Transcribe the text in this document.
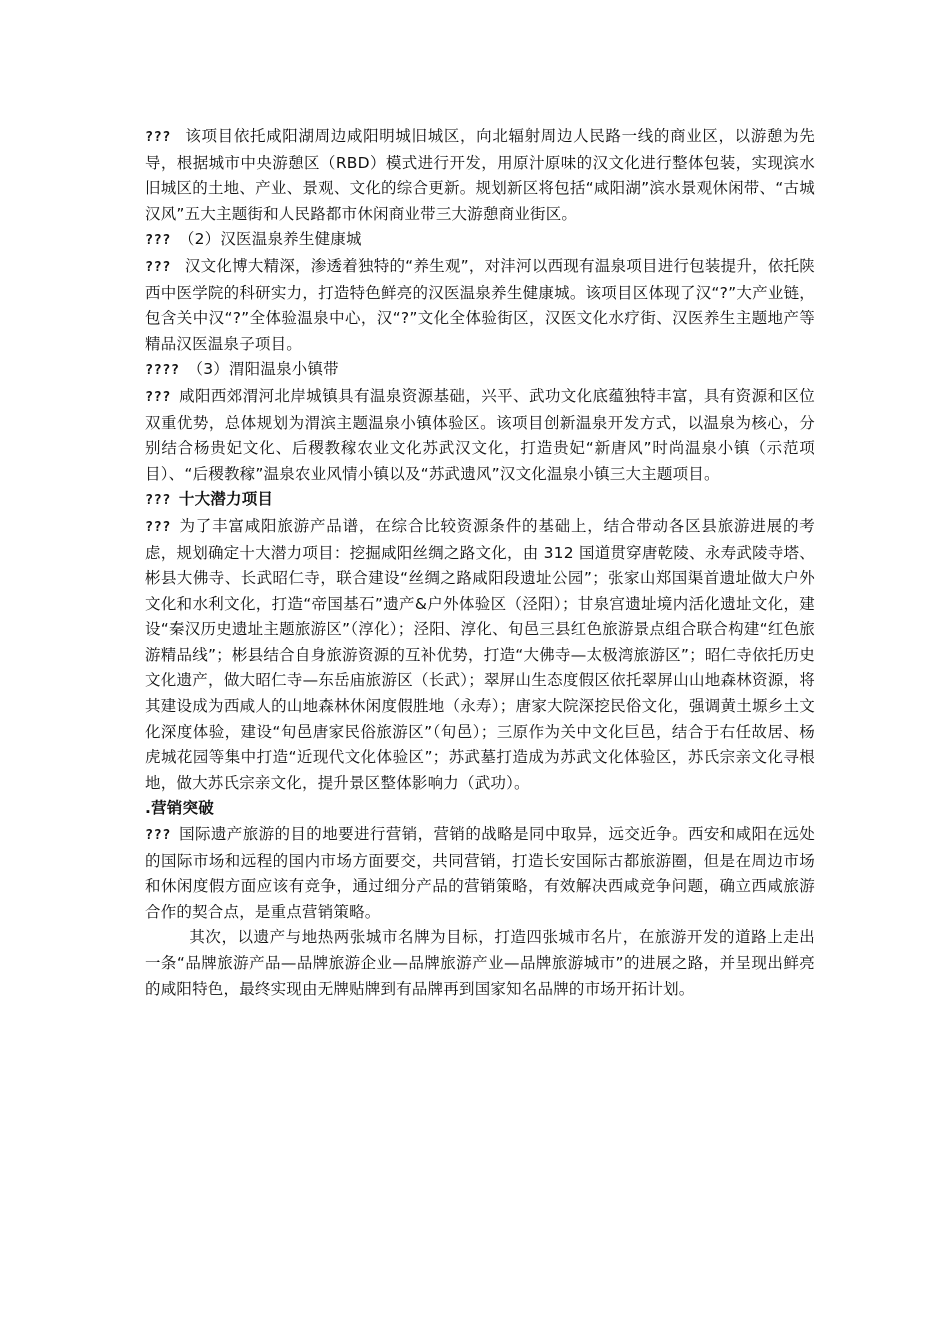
??? 该项目依托咸阳湖周边咸阳明城旧城区，向北辐射周边人民路一线的商业区，以游憩为先导，根据城市中央游憩区（RBD）模式进行开发，用原汁原味的汉文化进行整体包装，实现滨水旧城区的土地、产业、景观、文化的综合更新。规划新区将包括“咸阳湖”滨水景观休闲带、“古城汉风”五大主题街和人民路都市休闲商业带三大游憩商业街区。

??? （2）汉医温泉养生健康城

??? 汉文化博大精深，渗透着独特的“养生观”，对沣河以西现有温泉项目进行包装提升，依托陕西中医学院的科研实力，打造特色鲜亮的汉医温泉养生健康城。该项目区体现了汉“?”大产业链，包含关中汉“?”全体验温泉中心，汉“?”文化全体验街区，汉医文化水疗街、汉医养生主题地产等精品汉医温泉子项目。

???? （3）渭阳温泉小镇带

??? 咸阳西郊渭河北岸城镇具有温泉资源基础，兴平、武功文化底蕴独特丰富，具有资源和区位双重优势，总体规划为渭滨主题温泉小镇体验区。该项目创新温泉开发方式，以温泉为核心，分别结合杨贵妃文化、后稷教稼农业文化苏武汉文化，打造贵妃“新唐风”时尚温泉小镇（示范项目）、“后稷教稼”温泉农业风情小镇以及“苏武遗风”汉文化温泉小镇三大主题项目。

??? 十大潜力项目

??? 为了丰富咸阳旅游产品谱，在综合比较资源条件的基础上，结合带动各区县旅游进展的考虑，规划确定十大潜力项目：挖掘咸阳丝绸之路文化，由 312 国道贯穿唐乾陵、永寿武陵寺塔、彬县大佛寺、长武昭仁寺，联合建设“丝绸之路咸阳段遗址公园”；张家山郑国渠首遗址做大户外文化和水利文化，打造“帝国基石”遗产&户外体验区（泾阳）；甘泉宫遗址境内活化遗址文化，建设“秦汉历史遗址主题旅游区”（淳化）；泾阳、淳化、旬邑三县红色旅游景点组合联合构建“红色旅游精品线”；彬县结合自身旅游资源的互补优势，打造“大佛寺—太极湾旅游区”；昭仁寺依托历史文化遗产，做大昭仁寺—东岳庙旅游区（长武）；翠屏山生态度假区依托翠屏山山地森林资源，将其建设成为西咸人的山地森林休闲度假胜地（永寿）；唐家大院深挖民俗文化，强调黄土塬乡土文化深度体验，建设“旬邑唐家民俗旅游区”（旬邑）；三原作为关中文化巨邑，结合于右任故居、杨虎城花园等集中打造“近现代文化体验区”；苏武墓打造成为苏武文化体验区，苏氏宗亲文化寻根地，做大苏氏宗亲文化，提升景区整体影响力（武功）。

.营销突破

??? 国际遗产旅游的目的地要进行营销，营销的战略是同中取异，远交近争。西安和咸阳在远处的国际市场和远程的国内市场方面要交，共同营销，打造长安国际古都旅游圈，但是在周边市场和休闲度假方面应该有竞争，通过细分产品的营销策略，有效解决西咸竞争问题，确立西咸旅游合作的契合点，是重点营销策略。

其次，以遗产与地热两张城市名牌为目标，打造四张城市名片，在旅游开发的道路上走出一条“品牌旅游产品—品牌旅游企业—品牌旅游产业—品牌旅游城市”的进展之路，并呈现出鲜亮的咸阳特色，最终实现由无牌贴牌到有品牌再到国家知名品牌的市场开拓计划。
